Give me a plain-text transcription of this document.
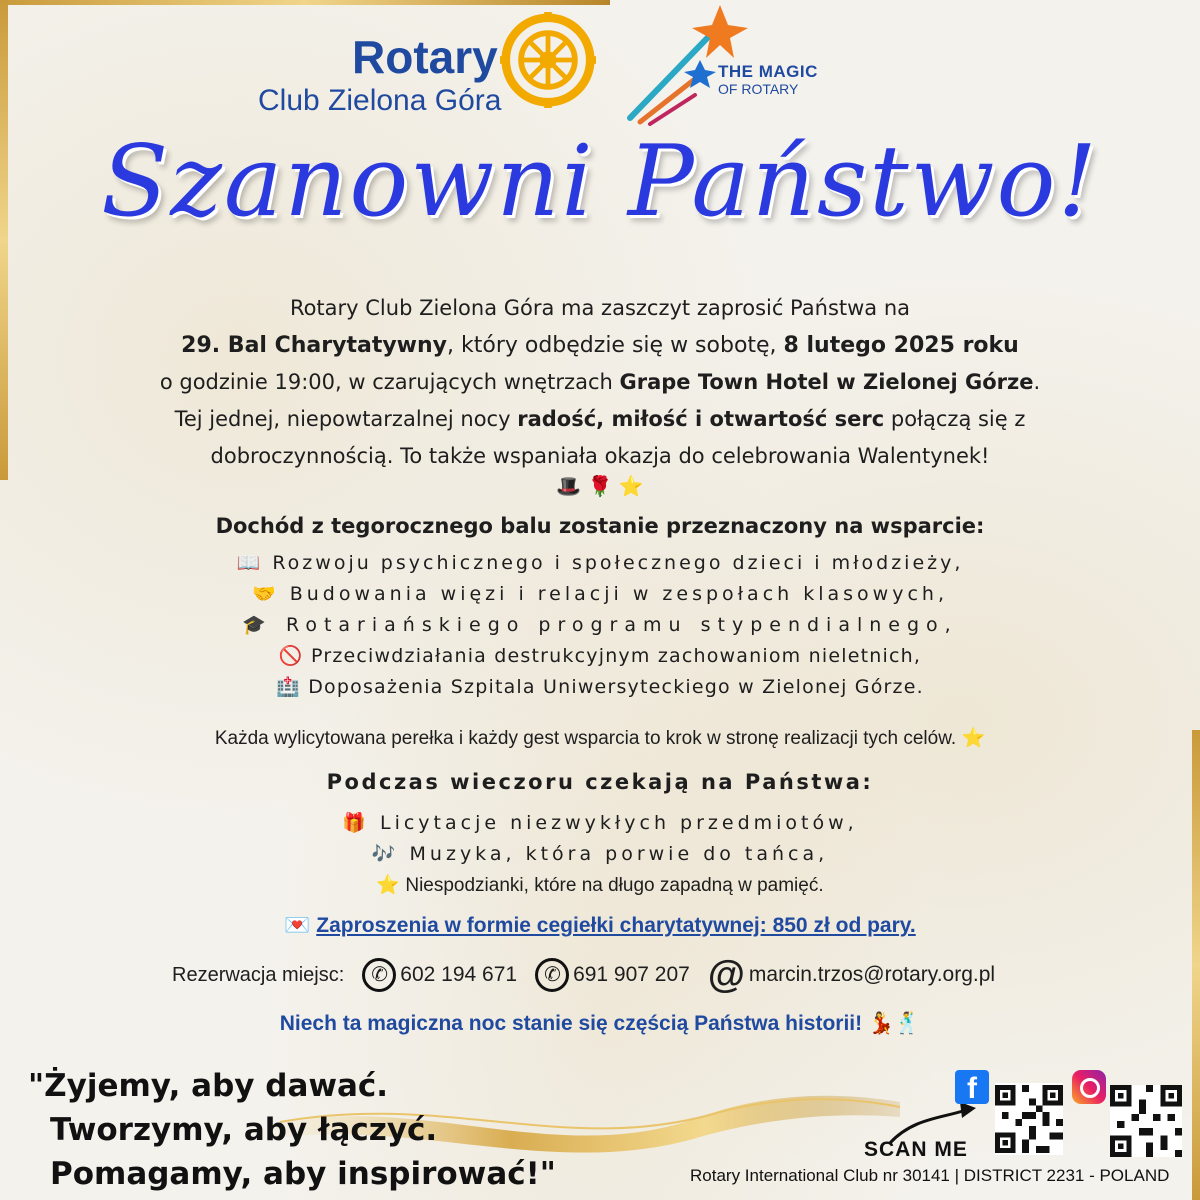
Rotary
Club Zielona Góra
THE MAGIC
OF ROTARY
Szanowni Państwo!
Rotary Club Zielona Góra ma zaszczyt zaprosić Państwa na
29. Bal Charytatywny, który odbędzie się w sobotę, 8 lutego 2025 roku
o godzinie 19:00, w czarujących wnętrzach Grape Town Hotel w Zielonej Górze.
Tej jednej, niepowtarzalnej nocy radość, miłość i otwartość serc połączą się z
dobroczynnością. To także wspaniała okazja do celebrowania Walentynek!
🎩 🌹 ⭐
Dochód z tegorocznego balu zostanie przeznaczony na wsparcie:
📖 Rozwoju psychicznego i społecznego dzieci i młodzieży,
🤝 Budowania więzi i relacji w zespołach klasowych,
🎓 Rotariańskiego programu stypendialnego,
🚫 Przeciwdziałania destrukcyjnym zachowaniom nieletnich,
🏥 Doposażenia Szpitala Uniwersyteckiego w Zielonej Górze.
Każda wylicytowana perełka i każdy gest wsparcia to krok w stronę realizacji tych celów. ⭐
Podczas wieczoru czekają na Państwa:
🎁 Licytacje niezwykłych przedmiotów,
🎶 Muzyka, która porwie do tańca,
⭐ Niespodzianki, które na długo zapadną w pamięć.
💌 Zaproszenia w formie cegiełki charytatywnej: 850 zł od pary.
Rezerwacja miejsc: ✆	602 194 671 ✆	691 907 207 @ marcin.trzos@rotary.org.pl
Niech ta magiczna noc stanie się częścią Państwa historii! 💃🕺
"Żyjemy, aby dawać.
Tworzymy, aby łączyć.
Pomagamy, aby inspirować!"
SCAN ME
f
Rotary International Club nr 30141 | DISTRICT 2231 - POLAND
